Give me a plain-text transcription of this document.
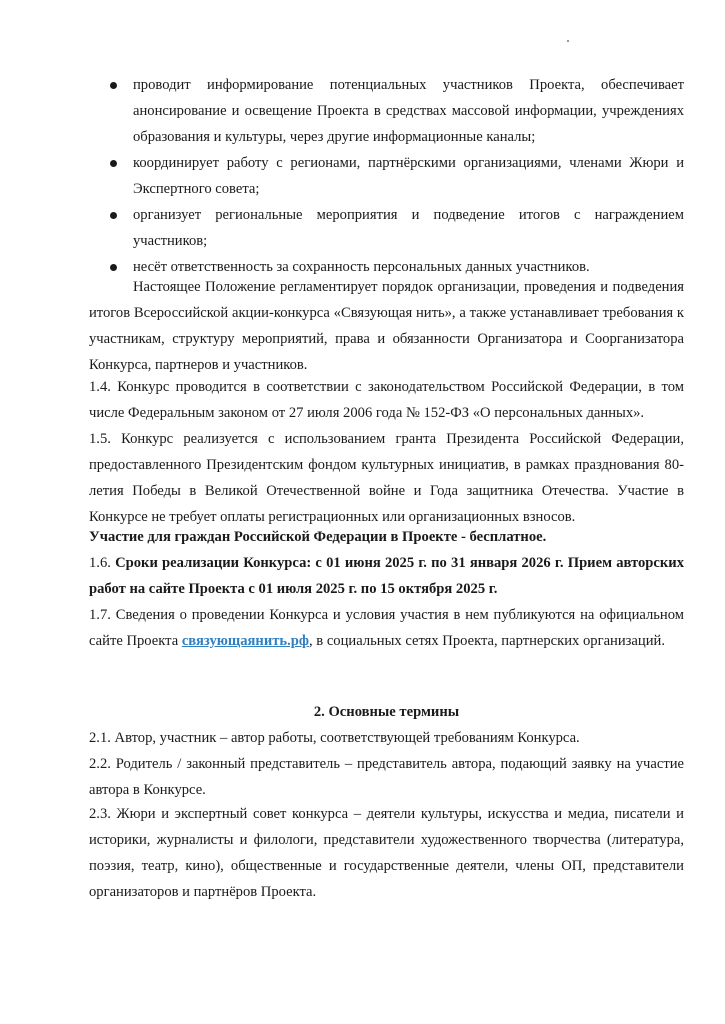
проводит информирование потенциальных участников Проекта, обеспечивает анонсирование и освещение Проекта в средствах массовой информации, учреждениях образования и культуры, через другие информационные каналы;
координирует работу с регионами, партнёрскими организациями, членами Жюри и Экспертного совета;
организует региональные мероприятия и подведение итогов с награждением участников;
несёт ответственность за сохранность персональных данных участников.

Настоящее Положение регламентирует порядок организации, проведения и подведения итогов Всероссийской акции-конкурса «Связующая нить», а также устанавливает требования к участникам, структуру мероприятий, права и обязанности Организатора и Соорганизатора Конкурса, партнеров и участников.

1.4. Конкурс проводится в соответствии с законодательством Российской Федерации, в том числе Федеральным законом от 27 июля 2006 года № 152-ФЗ «О персональных данных».

1.5. Конкурс реализуется с использованием гранта Президента Российской Федерации, предоставленного Президентским фондом культурных инициатив, в рамках празднования 80-летия Победы в Великой Отечественной войне и Года защитника Отечества. Участие в Конкурсе не требует оплаты регистрационных или организационных взносов.

Участие для граждан Российской Федерации в Проекте - бесплатное.

1.6. Сроки реализации Конкурса: с 01 июня 2025 г. по 31 января 2026 г. Прием авторских работ на сайте Проекта с 01 июля 2025 г. по 15 октября 2025 г.

1.7. Сведения о проведении Конкурса и условия участия в нем публикуются на официальном сайте Проекта связующаянить.рф, в социальных сетях Проекта, партнерских организаций.

2. Основные термины

2.1. Автор, участник – автор работы, соответствующей требованиям Конкурса.

2.2. Родитель / законный представитель – представитель автора, подающий заявку на участие автора в Конкурсе.

2.3. Жюри и экспертный совет конкурса – деятели культуры, искусства и медиа, писатели и историки, журналисты и филологи, представители художественного творчества (литература, поэзия, театр, кино), общественные и государственные деятели, члены ОП, представители организаторов и партнёров Проекта.
